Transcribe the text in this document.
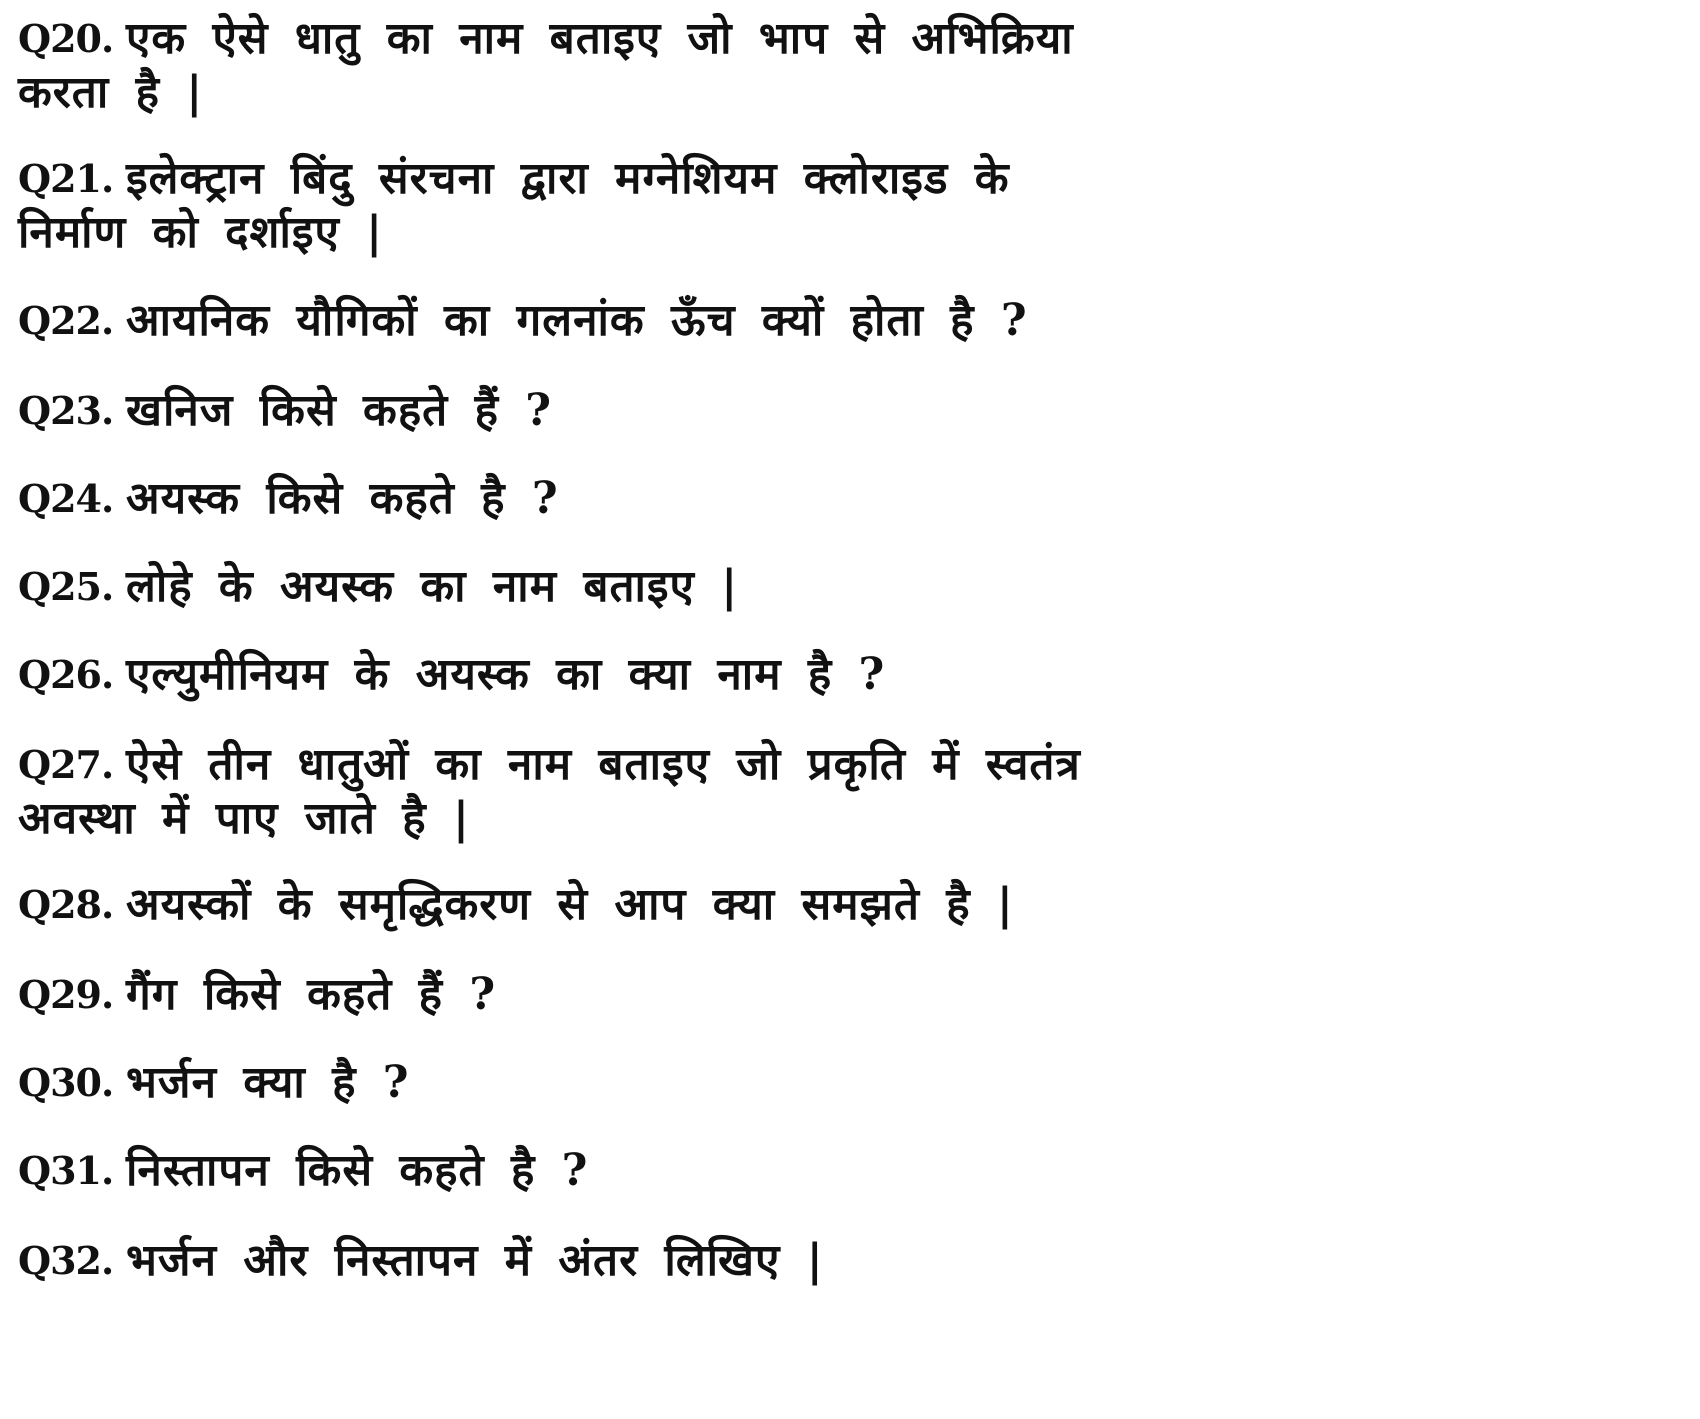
Q20. एक ऐसे धातु का नाम बताइए जो भाप से अभिक्रिया
करता है |
Q21. इलेक्ट्रान बिंदु संरचना द्वारा मग्नेशियम क्लोराइड के
निर्माण को दर्शाइए |
Q22. आयनिक यौगिकों का गलनांक ऊँच क्यों होता है ?
Q23. खनिज किसे कहते हैं ?
Q24. अयस्क किसे कहते है ?
Q25. लोहे के अयस्क का नाम बताइए |
Q26. एल्युमीनियम के अयस्क का क्या नाम है ?
Q27. ऐसे तीन धातुओं का नाम बताइए जो प्रकृति में स्वतंत्र
अवस्था में पाए जाते है |
Q28. अयस्कों के समृद्धिकरण से आप क्या समझते है |
Q29. गैंग किसे कहते हैं ?
Q30. भर्जन क्या है ?
Q31. निस्तापन किसे कहते है ?
Q32. भर्जन और निस्तापन में अंतर लिखिए |
